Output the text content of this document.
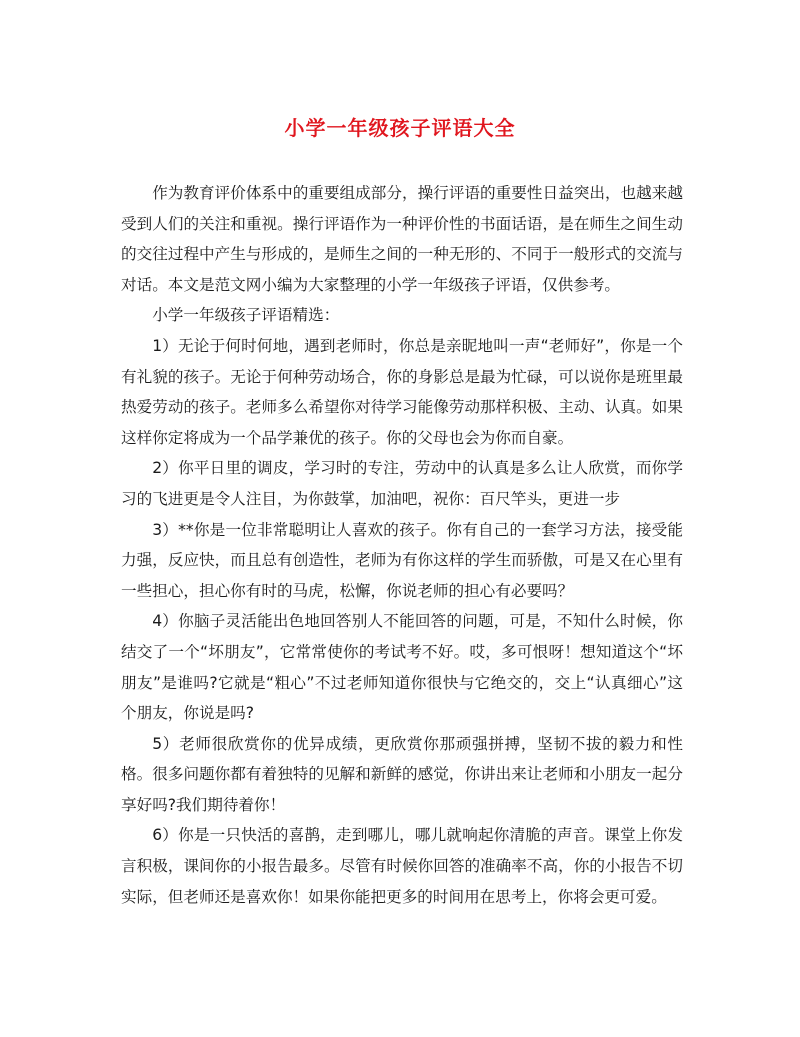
小学一年级孩子评语大全

作为教育评价体系中的重要组成部分，操行评语的重要性日益突出，也越来越受到人们的关注和重视。操行评语作为一种评价性的书面话语，是在师生之间生动的交往过程中产生与形成的，是师生之间的一种无形的、不同于一般形式的交流与对话。本文是范文网小编为大家整理的小学一年级孩子评语，仅供参考。

小学一年级孩子评语精选：

1）无论于何时何地，遇到老师时，你总是亲昵地叫一声“老师好”，你是一个有礼貌的孩子。无论于何种劳动场合，你的身影总是最为忙碌，可以说你是班里最热爱劳动的孩子。老师多么希望你对待学习能像劳动那样积极、主动、认真。如果这样你定将成为一个品学兼优的孩子。你的父母也会为你而自豪。

2）你平日里的调皮，学习时的专注，劳动中的认真是多么让人欣赏，而你学习的飞进更是令人注目，为你鼓掌，加油吧，祝你：百尺竿头，更进一步

3）**你是一位非常聪明让人喜欢的孩子。你有自己的一套学习方法，接受能力强，反应快，而且总有创造性，老师为有你这样的学生而骄傲，可是又在心里有一些担心，担心你有时的马虎，松懈，你说老师的担心有必要吗？

4）你脑子灵活能出色地回答别人不能回答的问题，可是，不知什么时候，你结交了一个“坏朋友”，它常常使你的考试考不好。哎，多可恨呀！想知道这个“坏朋友”是谁吗?它就是“粗心”不过老师知道你很快与它绝交的，交上“认真细心”这个朋友，你说是吗?

5）老师很欣赏你的优异成绩，更欣赏你那顽强拼搏，坚韧不拔的毅力和性格。很多问题你都有着独特的见解和新鲜的感觉，你讲出来让老师和小朋友一起分享好吗?我们期待着你！

6）你是一只快活的喜鹊，走到哪儿，哪儿就响起你清脆的声音。课堂上你发言积极，课间你的小报告最多。尽管有时候你回答的准确率不高，你的小报告不切实际，但老师还是喜欢你！如果你能把更多的时间用在思考上，你将会更可爱。
